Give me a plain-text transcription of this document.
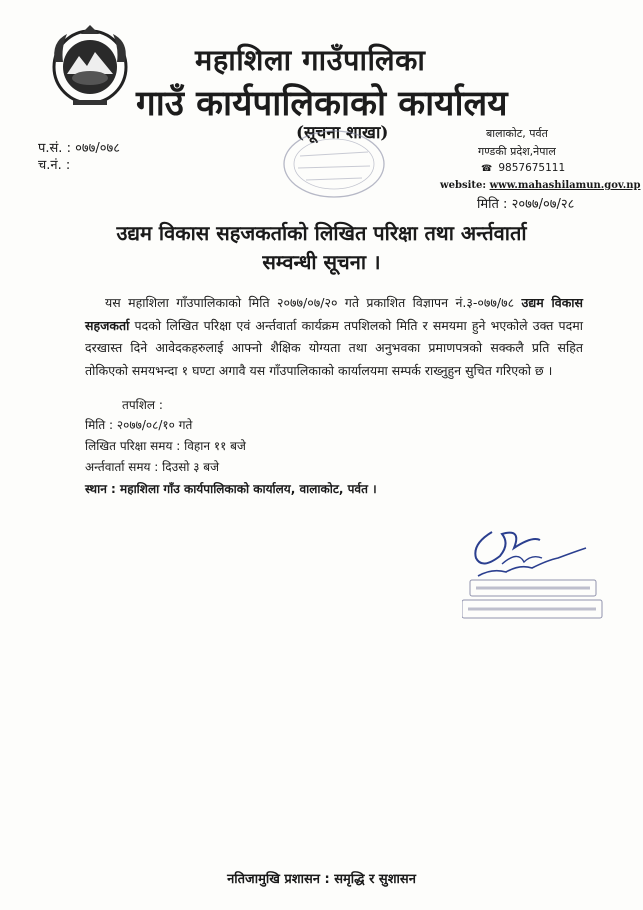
महाशिला गाउँपालिका
गाउँ कार्यपालिकाको कार्यालय
(सूचना शाखा)
प.सं. : ०७७/०७८
च.नं. :
बालाकोट, पर्वत
गण्डकी प्रदेश,नेपाल
☎ 9857675111
website: www.mahashilamun.gov.np
मिति : २०७७/०७/२८
उद्यम विकास सहजकर्ताको लिखित परिक्षा तथा अर्न्तवार्ता
सम्वन्धी सूचना ।
यस महाशिला गाँउपालिकाको मिति २०७७/०७/२० गते प्रकाशित विज्ञापन नं.३-०७७/७८ उद्यम विकास सहजकर्ता पदको लिखित परिक्षा एवं अर्न्तवार्ता कार्यक्रम तपशिलको मिति र समयमा हुने भएकोले उक्त पदमा दरखास्त दिने आवेदकहरुलाई आफ्नो शैक्षिक योग्यता तथा अनुभवका प्रमाणपत्रको सक्कलै प्रति सहित तोकिएको समयभन्दा १ घण्टा अगावै यस गाँउपालिकाको कार्यालयमा सम्पर्क राख्नुहुन सुचित गरिएको छ ।
तपशिल :
मिति : २०७७/०८/१० गते
लिखित परिक्षा समय : विहान ११ बजे
अर्न्तवार्ता समय : दिउसो ३ बजे
स्थान : महाशिला गाँउ कार्यपालिकाको कार्यालय, वालाकोट, पर्वत ।
नतिजामुखि प्रशासन : समृद्धि र सुशासन
